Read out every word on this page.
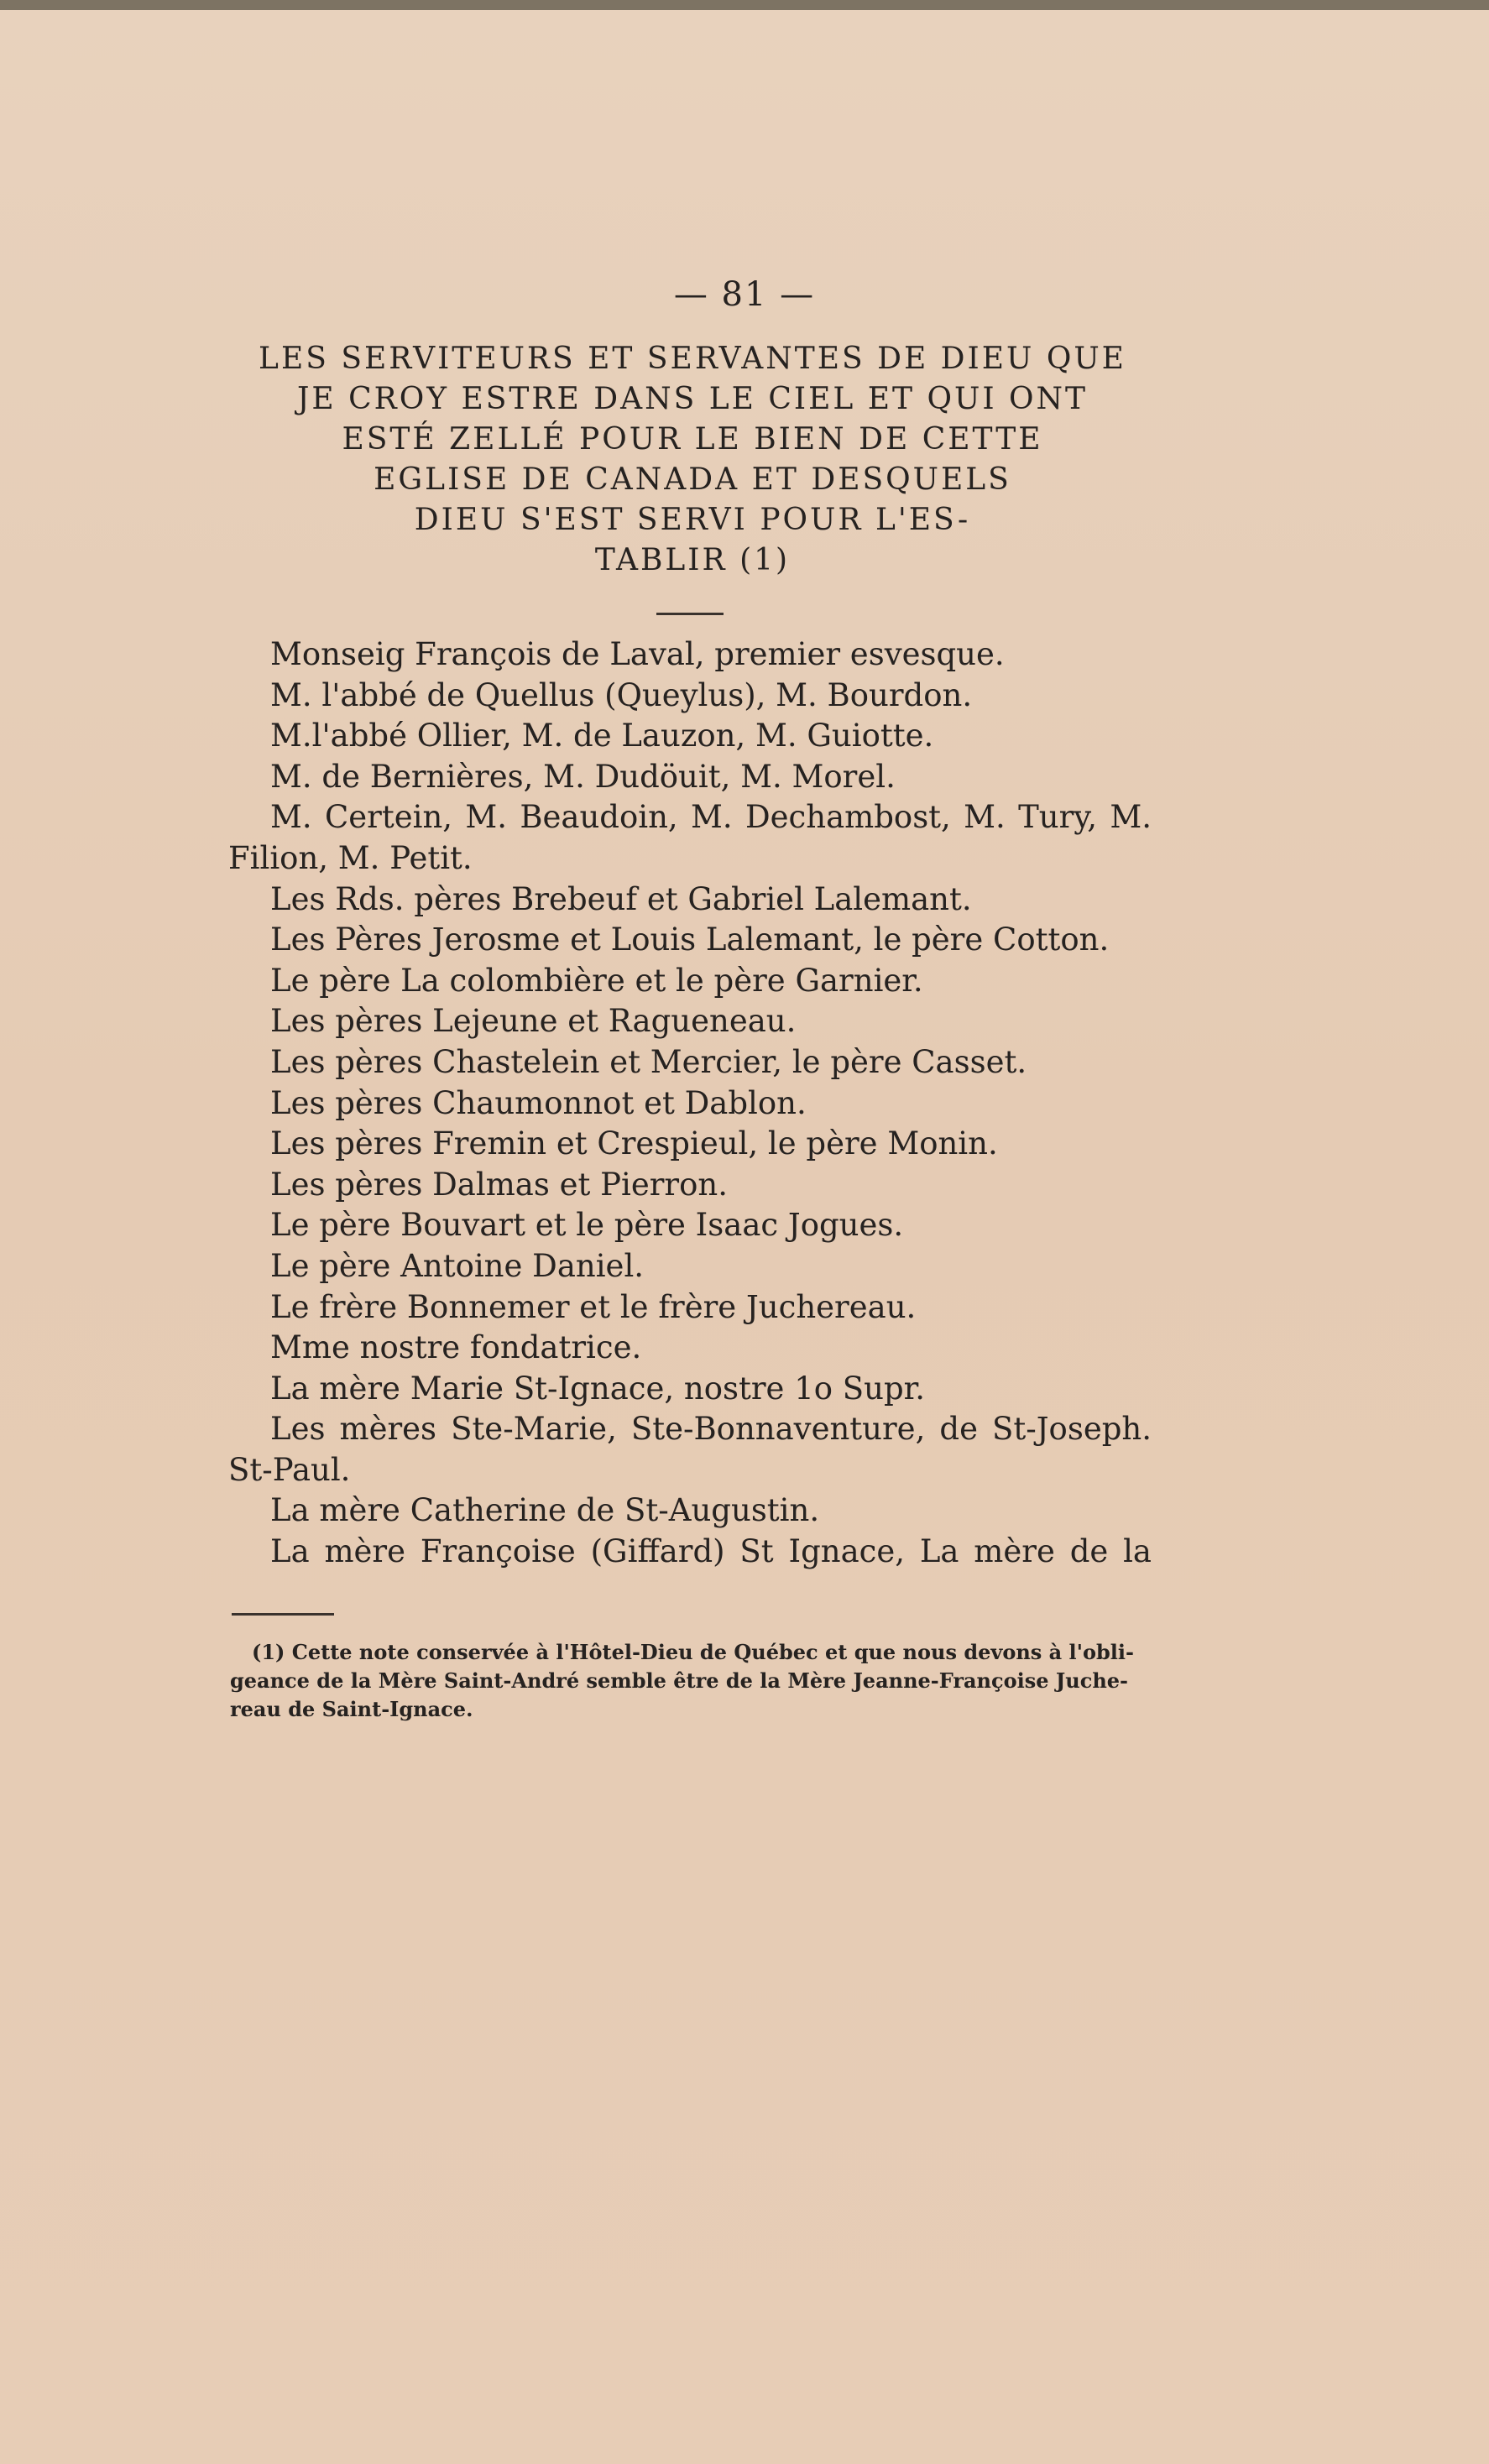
— 81 —
LES SERVITEURS ET SERVANTES DE DIEU QUE
JE CROY ESTRE DANS LE CIEL ET QUI ONT
ESTÉ ZELLÉ POUR LE BIEN DE CETTE
EGLISE DE CANADA ET DESQUELS
DIEU S'EST SERVI POUR L'ES-
TABLIR (1)
Monseig François de Laval, premier esvesque.
M. l'abbé de Quellus (Queylus), M. Bourdon.
M.l'abbé Ollier, M. de Lauzon, M. Guiotte.
M. de Bernières, M. Dudöuit, M. Morel.
M. Certein, M. Beaudoin, M. Dechambost, M. Tury, M.
Filion, M. Petit.
Les Rds. pères Brebeuf et Gabriel Lalemant.
Les Pères Jerosme et Louis Lalemant, le père Cotton.
Le père La colombière et le père Garnier.
Les pères Lejeune et Ragueneau.
Les pères Chastelein et Mercier, le père Casset.
Les pères Chaumonnot et Dablon.
Les pères Fremin et Crespieul, le père Monin.
Les pères Dalmas et Pierron.
Le père Bouvart et le père Isaac Jogues.
Le père Antoine Daniel.
Le frère Bonnemer et le frère Juchereau.
Mme nostre fondatrice.
La mère Marie St-Ignace, nostre 1o Supr.
Les mères Ste-Marie, Ste-Bonnaventure, de St-Joseph.
St-Paul.
La mère Catherine de St-Augustin.
La mère Françoise (Giffard) St Ignace, La mère de la
(1) Cette note conservée à l'Hôtel-Dieu de Québec et que nous devons à l'obli-
geance de la Mère Saint-André semble être de la Mère Jeanne-Françoise Juche-
reau de Saint-Ignace.
